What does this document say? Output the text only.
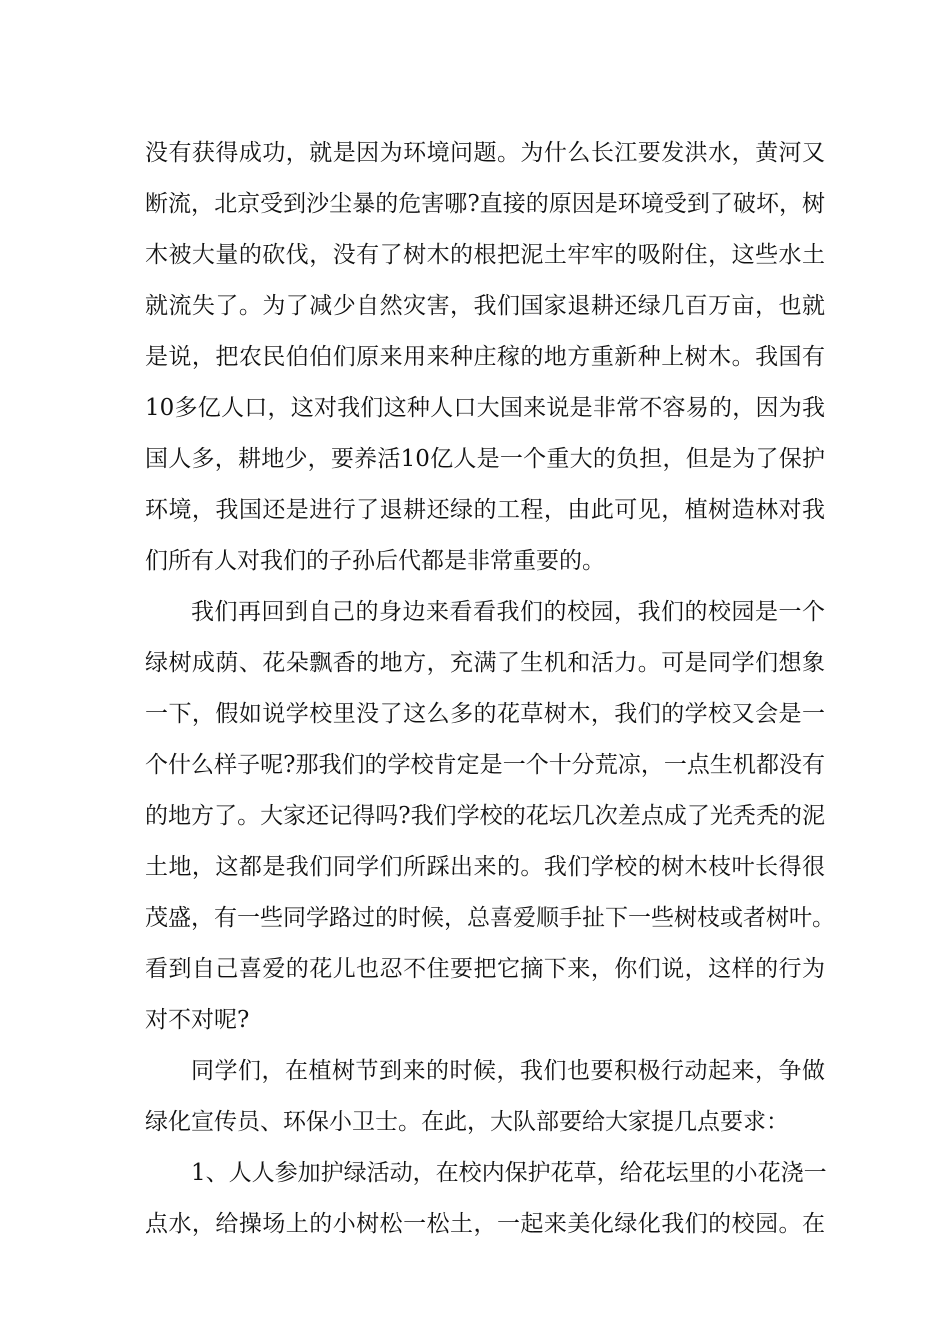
没有获得成功，就是因为环境问题。为什么长江要发洪水，黄河又
断流，北京受到沙尘暴的危害哪?直接的原因是环境受到了破坏，树
木被大量的砍伐，没有了树木的根把泥土牢牢的吸附住，这些水土
就流失了。为了减少自然灾害，我们国家退耕还绿几百万亩，也就
是说，把农民伯伯们原来用来种庄稼的地方重新种上树木。我国有
10多亿人口，这对我们这种人口大国来说是非常不容易的，因为我
国人多，耕地少，要养活10亿人是一个重大的负担，但是为了保护
环境，我国还是进行了退耕还绿的工程，由此可见，植树造林对我
们所有人对我们的子孙后代都是非常重要的。
我们再回到自己的身边来看看我们的校园，我们的校园是一个
绿树成荫、花朵飘香的地方，充满了生机和活力。可是同学们想象
一下，假如说学校里没了这么多的花草树木，我们的学校又会是一
个什么样子呢?那我们的学校肯定是一个十分荒凉，一点生机都没有
的地方了。大家还记得吗?我们学校的花坛几次差点成了光秃秃的泥
土地，这都是我们同学们所踩出来的。我们学校的树木枝叶长得很
茂盛，有一些同学路过的时候，总喜爱顺手扯下一些树枝或者树叶。
看到自己喜爱的花儿也忍不住要把它摘下来，你们说，这样的行为
对不对呢?
同学们，在植树节到来的时候，我们也要积极行动起来，争做
绿化宣传员、环保小卫士。在此，大队部要给大家提几点要求：
1、人人参加护绿活动，在校内保护花草，给花坛里的小花浇一
点水，给操场上的小树松一松土，一起来美化绿化我们的校园。在
